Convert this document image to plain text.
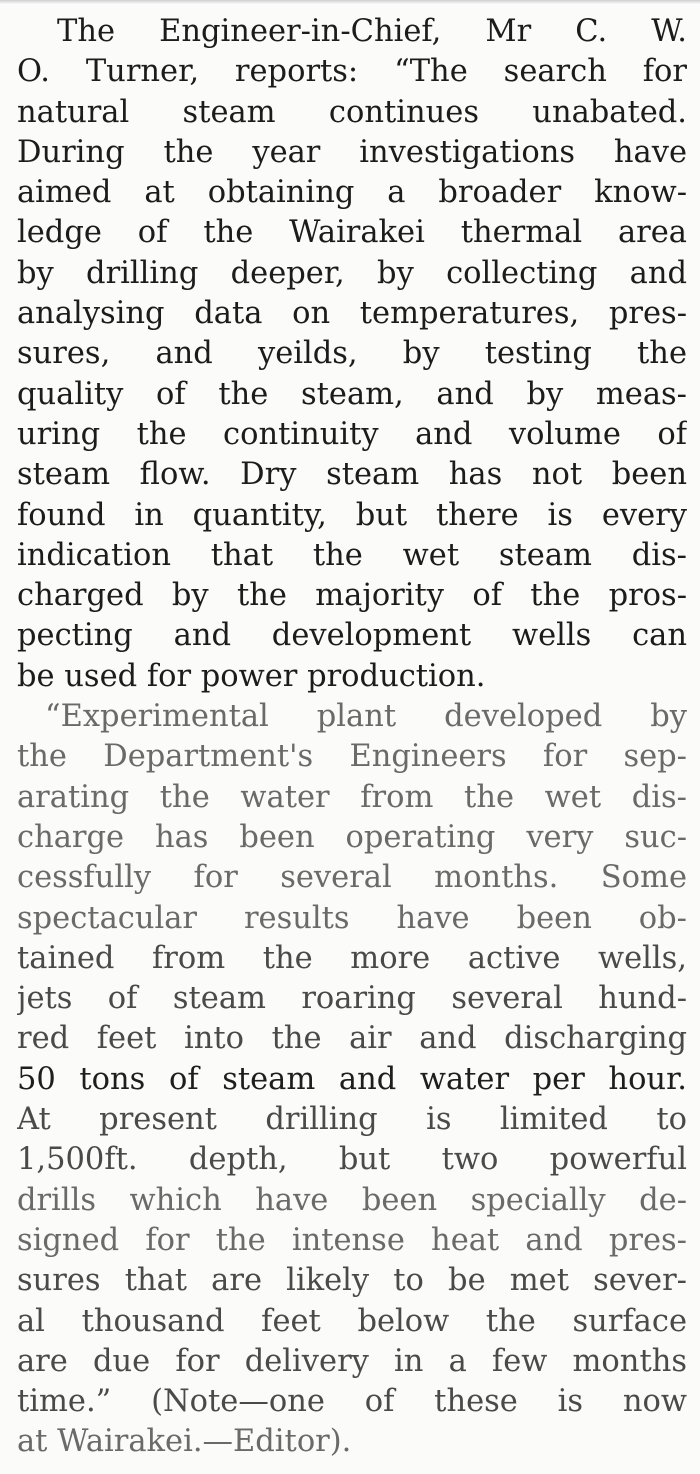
The Engineer-in-Chief, Mr C. W.
O. Turner, reports: “The search for
natural steam continues unabated.
During the year investigations have
aimed at obtaining a broader know-
ledge of the Wairakei thermal area
by drilling deeper, by collecting and
analysing data on temperatures, pres-
sures, and yeilds, by testing the
quality of the steam, and by meas-
uring the continuity and volume of
steam flow. Dry steam has not been
found in quantity, but there is every
indication that the wet steam dis-
charged by the majority of the pros-
pecting and development wells can
be used for power production.
“Experimental plant developed by
the Department's Engineers for sep-
arating the water from the wet dis-
charge has been operating very suc-
cessfully for several months. Some
spectacular results have been ob-
tained from the more active wells,
jets of steam roaring several hund-
red feet into the air and discharging
50 tons of steam and water per hour.
At present drilling is limited to
1,500ft. depth, but two powerful
drills which have been specially de-
signed for the intense heat and pres-
sures that are likely to be met sever-
al thousand feet below the surface
are due for delivery in a few months
time.” (Note—one of these is now
at Wairakei.—Editor).
